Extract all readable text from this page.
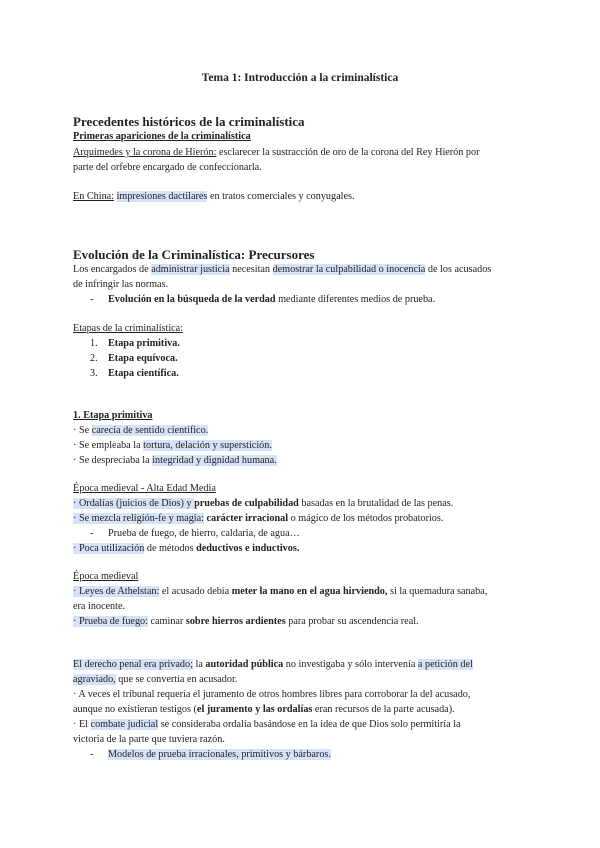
Tema 1: Introducción a la criminalística
Precedentes históricos de la criminalística
Primeras apariciones de la criminalística
Arquímedes y la corona de Hierón: esclarecer la sustracción de oro de la corona del Rey Hierón por
parte del orfebre encargado de confeccionarla.
En China: impresiones dactilares en tratos comerciales y conyugales.
Evolución de la Criminalística: Precursores
Los encargados de administrar justicia necesitan demostrar la culpabilidad o inocencia de los acusados
de infringir las normas.
- Evolución en la búsqueda de la verdad mediante diferentes medios de prueba.
Etapas de la criminalística:
1. Etapa primitiva.
2. Etapa equívoca.
3. Etapa científica.
1. Etapa primitiva
· Se carecía de sentido científico.
· Se empleaba la tortura, delación y superstición.
· Se despreciaba la integridad y dignidad humana.
Época medieval - Alta Edad Media
· Ordalías (juicios de Dios) y pruebas de culpabilidad basadas en la brutalidad de las penas.
· Se mezcla religión-fe y magia: carácter irracional o mágico de los métodos probatorios.
- Prueba de fuego, de hierro, caldaria, de agua…
· Poca utilización de métodos deductivos e inductivos.
Época medieval
· Leyes de Athelstan: el acusado debía meter la mano en el agua hirviendo, si la quemadura sanaba,
era inocente.
· Prueba de fuego: caminar sobre hierros ardientes para probar su ascendencia real.
El derecho penal era privado; la autoridad pública no investigaba y sólo intervenía a petición del
agraviado, que se convertía en acusador.
· A veces el tribunal requería el juramento de otros hombres libres para corroborar la del acusado,
aunque no existieran testigos (el juramento y las ordalías eran recursos de la parte acusada).
· El combate judicial se consideraba ordalía basándose en la idea de que Dios solo permitiría la
victoria de la parte que tuviera razón.
- Modelos de prueba irracionales, primitivos y bárbaros.
